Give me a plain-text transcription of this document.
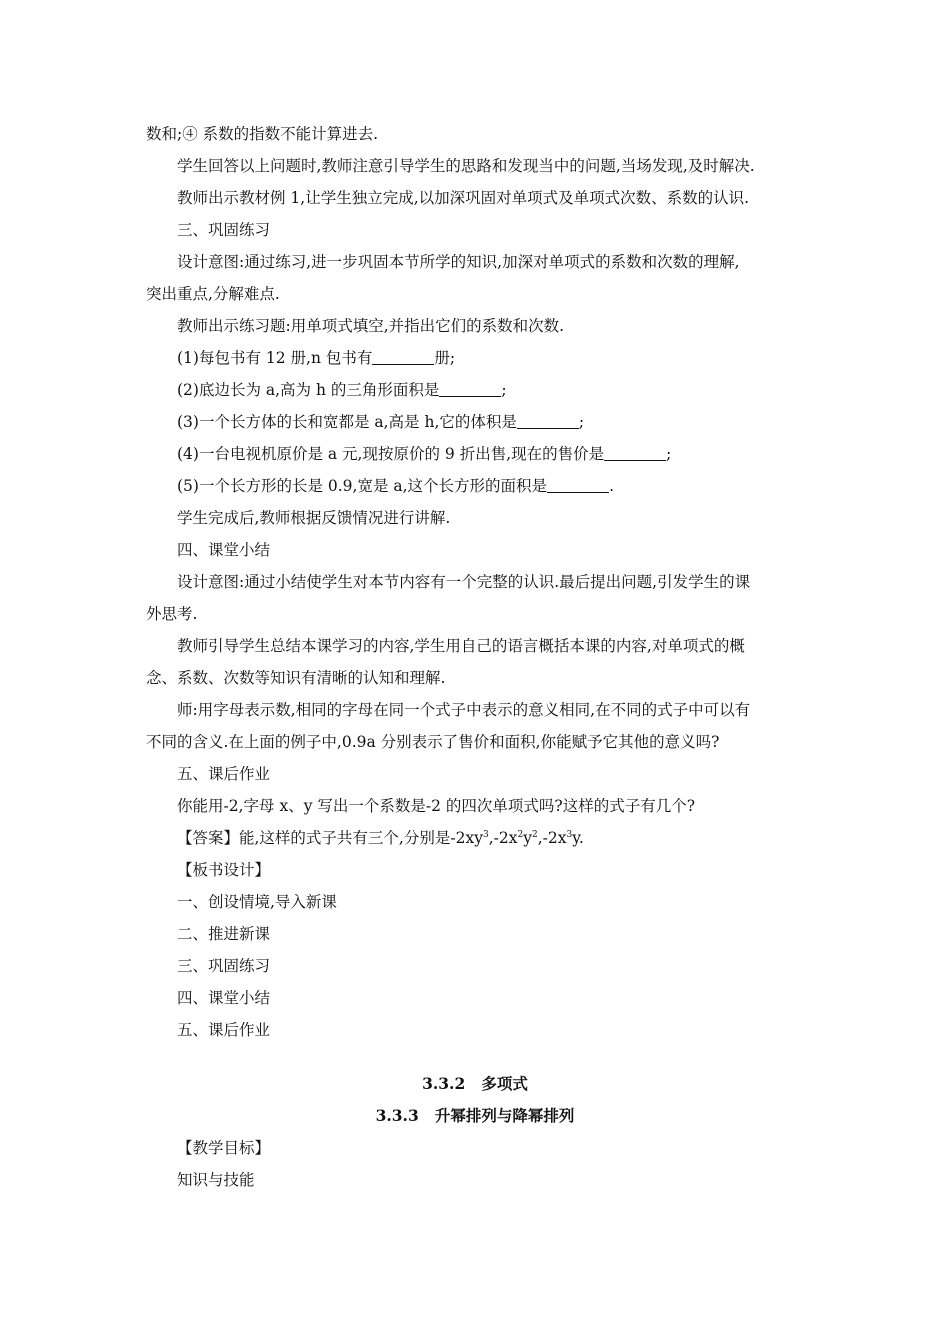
数和;④ 系数的指数不能计算进去.
学生回答以上问题时,教师注意引导学生的思路和发现当中的问题,当场发现,及时解决.
教师出示教材例 1,让学生独立完成,以加深巩固对单项式及单项式次数、系数的认识.
三、巩固练习
设计意图:通过练习,进一步巩固本节所学的知识,加深对单项式的系数和次数的理解,
突出重点,分解难点.
教师出示练习题:用单项式填空,并指出它们的系数和次数.
(1)每包书有 12 册,n 包书有	册;
(2)底边长为 a,高为 h 的三角形面积是	;
(3)一个长方体的长和宽都是 a,高是 h,它的体积是	;
(4)一台电视机原价是 a 元,现按原价的 9 折出售,现在的售价是	;
(5)一个长方形的长是 0.9,宽是 a,这个长方形的面积是	.
学生完成后,教师根据反馈情况进行讲解.
四、课堂小结
设计意图:通过小结使学生对本节内容有一个完整的认识.最后提出问题,引发学生的课
外思考.
教师引导学生总结本课学习的内容,学生用自己的语言概括本课的内容,对单项式的概
念、系数、次数等知识有清晰的认知和理解.
师:用字母表示数,相同的字母在同一个式子中表示的意义相同,在不同的式子中可以有
不同的含义.在上面的例子中,0.9a 分别表示了售价和面积,你能赋予它其他的意义吗?
五、课后作业
你能用-2,字母 x、y 写出一个系数是-2 的四次单项式吗?这样的式子有几个?
【答案】能,这样的式子共有三个,分别是$-2xy^3,-2x^2y^2,-2x^3y$.
【板书设计】
一、创设情境,导入新课
二、推进新课
三、巩固练习
四、课堂小结
五、课后作业
3.3.2   多项式
3.3.3   升幂排列与降幂排列
【教学目标】
知识与技能
